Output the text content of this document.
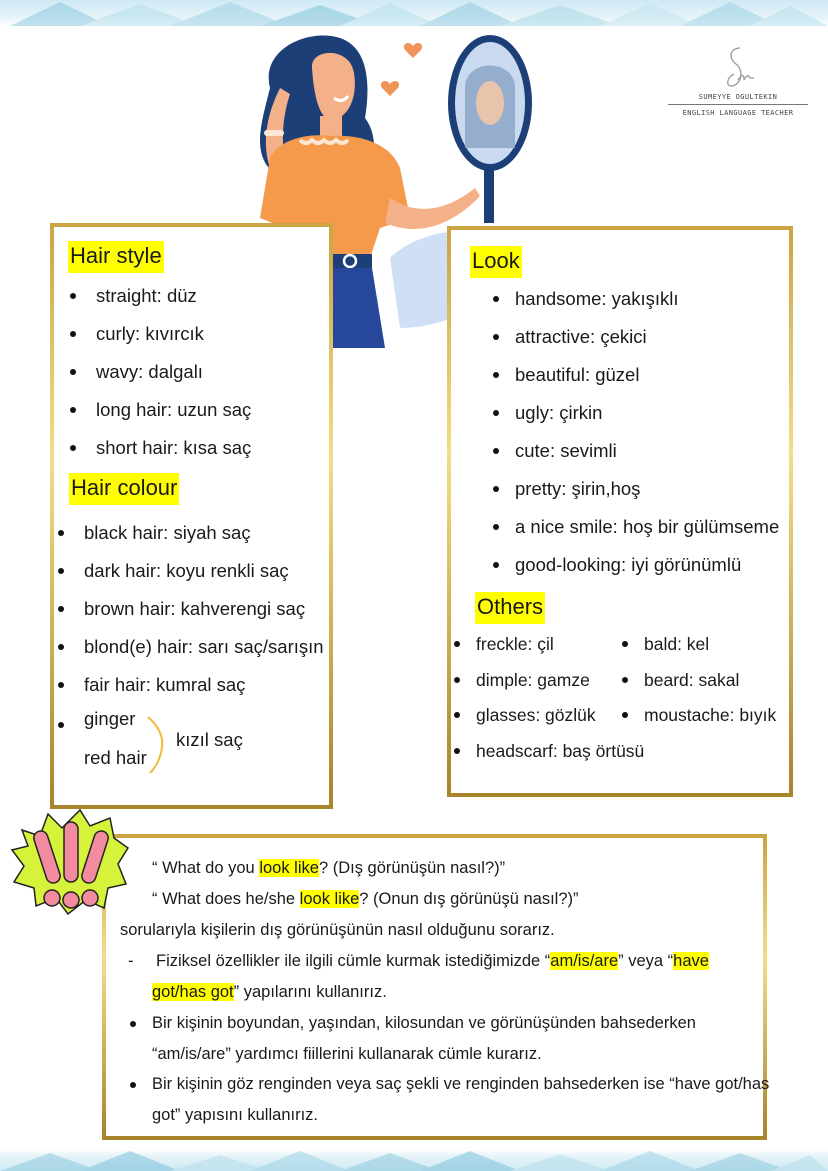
SUMEYYE OGULTEKIN
ENGLISH LANGUAGE TEACHER
Hair style
straight: düz
curly: kıvırcık
wavy: dalgalı
long hair: uzun saç
short hair: kısa saç
Hair colour
black hair: siyah saç
dark hair: koyu renkli saç
brown hair: kahverengi saç
blond(e) hair: sarı saç/sarışın
fair hair: kumral saç
ginger
red hair
kızıl saç
Look
handsome: yakışıklı
attractive: çekici
beautiful: güzel
ugly: çirkin
cute: sevimli
pretty: şirin,hoş
a nice smile: hoş bir gülümseme
good-looking: iyi görünümlü
Others
freckle: çil	bald: kel
dimple: gamze	beard: sakal
glasses: gözlük	moustache: bıyık
headscarf: baş örtüsü
“ What do you look like? (Dış görünüşün nasıl?)”
“ What does he/she look like? (Onun dış görünüşü nasıl?)”
sorularıyla kişilerin dış görünüşünün nasıl olduğunu sorarız.
- Fiziksel özellikler ile ilgili cümle kurmak istediğimizde “am/is/are” veya “have
got/has got” yapılarını kullanırız.
Bir kişinin boyundan, yaşından, kilosundan ve görünüşünden bahsederken
“am/is/are” yardımcı fiillerini kullanarak cümle kurarız.
Bir kişinin göz renginden veya saç şekli ve renginden bahsederken ise “have got/has
got” yapısını kullanırız.
